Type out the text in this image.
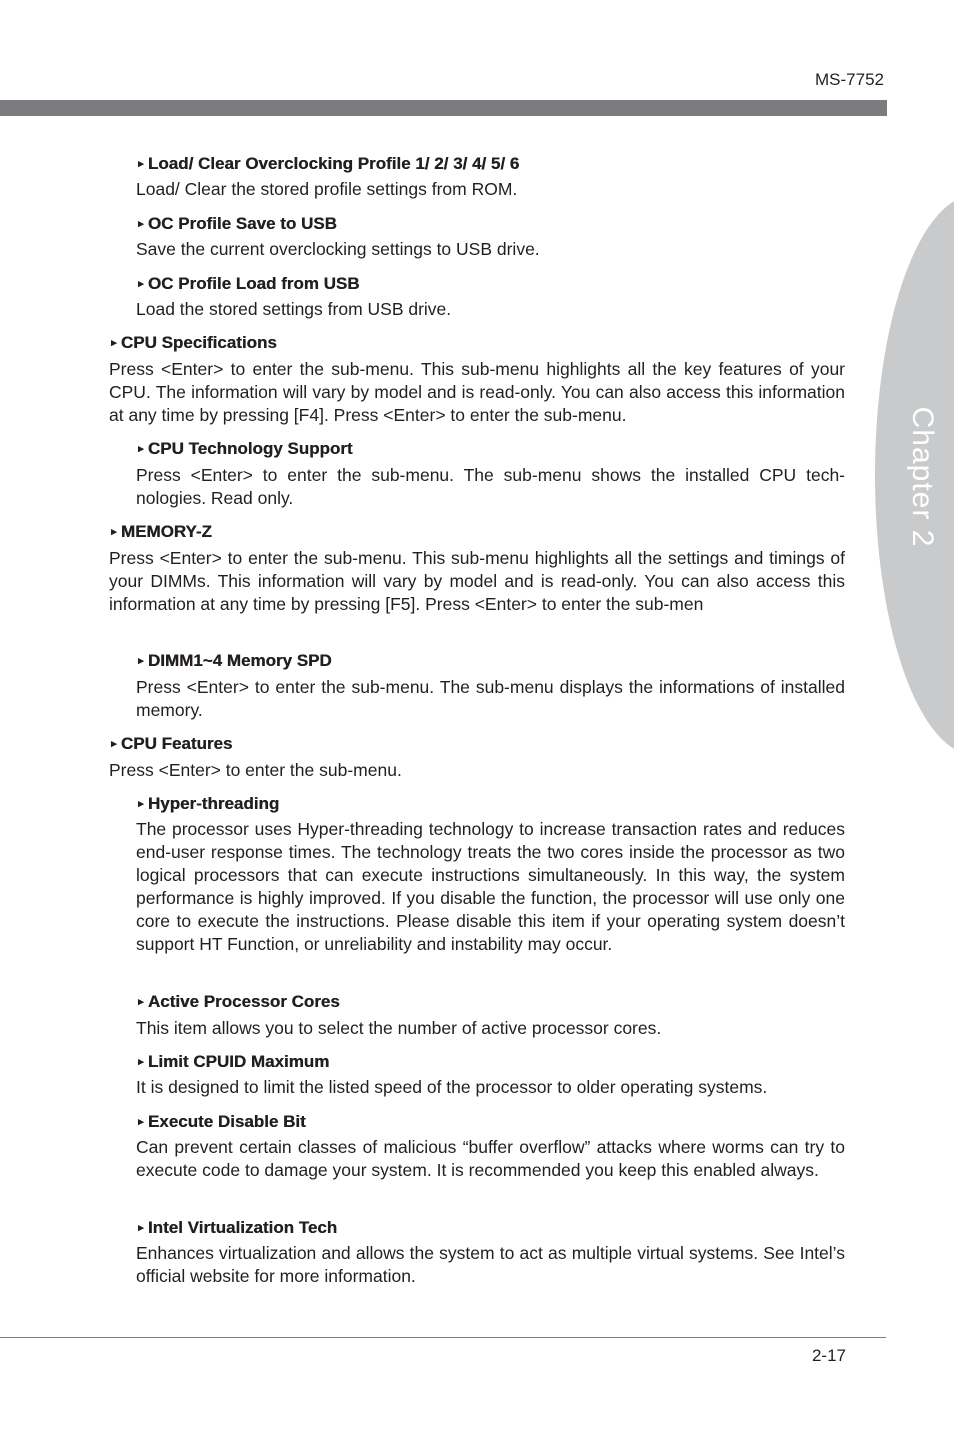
MS-7752
Chapter 2
► Load/ Clear Overclocking Profile 1/ 2/ 3/ 4/ 5/ 6
Load/ Clear the stored profile settings from ROM.
► OC Profile Save to USB
Save the current overclocking settings to USB drive.
► OC Profile Load from USB
Load the stored settings from USB drive.
► CPU Specifications
Press <Enter> to enter the sub-menu. This sub-menu highlights all the key features of your CPU. The information will vary by model and is read-only. You can also access this information at any time by pressing [F4]. Press <Enter> to enter the sub-menu.
► CPU Technology Support
Press <Enter> to enter the sub-menu. The sub-menu shows the installed CPU tech-nologies. Read only.
► MEMORY-Z
Press <Enter> to enter the sub-menu. This sub-menu highlights all the settings and timings of your DIMMs. This information will vary by model and is read-only. You can also access this information at any time by pressing [F5]. Press <Enter> to enter the sub-men
► DIMM1~4 Memory SPD
Press <Enter> to enter the sub-menu. The sub-menu displays the informations of installed memory.
► CPU Features
Press <Enter> to enter the sub-menu.
► Hyper-threading
The processor uses Hyper-threading technology to increase transaction rates and reduces end-user response times. The technology treats the two cores inside the processor as two logical processors that can execute instructions simultaneously. In this way, the system performance is highly improved. If you disable the function, the processor will use only one core to execute the instructions. Please disable this item if your operating system doesn’t support HT Function, or unreliability and instability may occur.
► Active Processor Cores
This item allows you to select the number of active processor cores.
► Limit CPUID Maximum
It is designed to limit the listed speed of the processor to older operating systems.
► Execute Disable Bit
Can prevent certain classes of malicious “buffer overflow” attacks where worms can try to execute code to damage your system. It is recommended you keep this enabled always.
► Intel Virtualization Tech
Enhances virtualization and allows the system to act as multiple virtual systems. See Intel’s official website for more information.
2-17
